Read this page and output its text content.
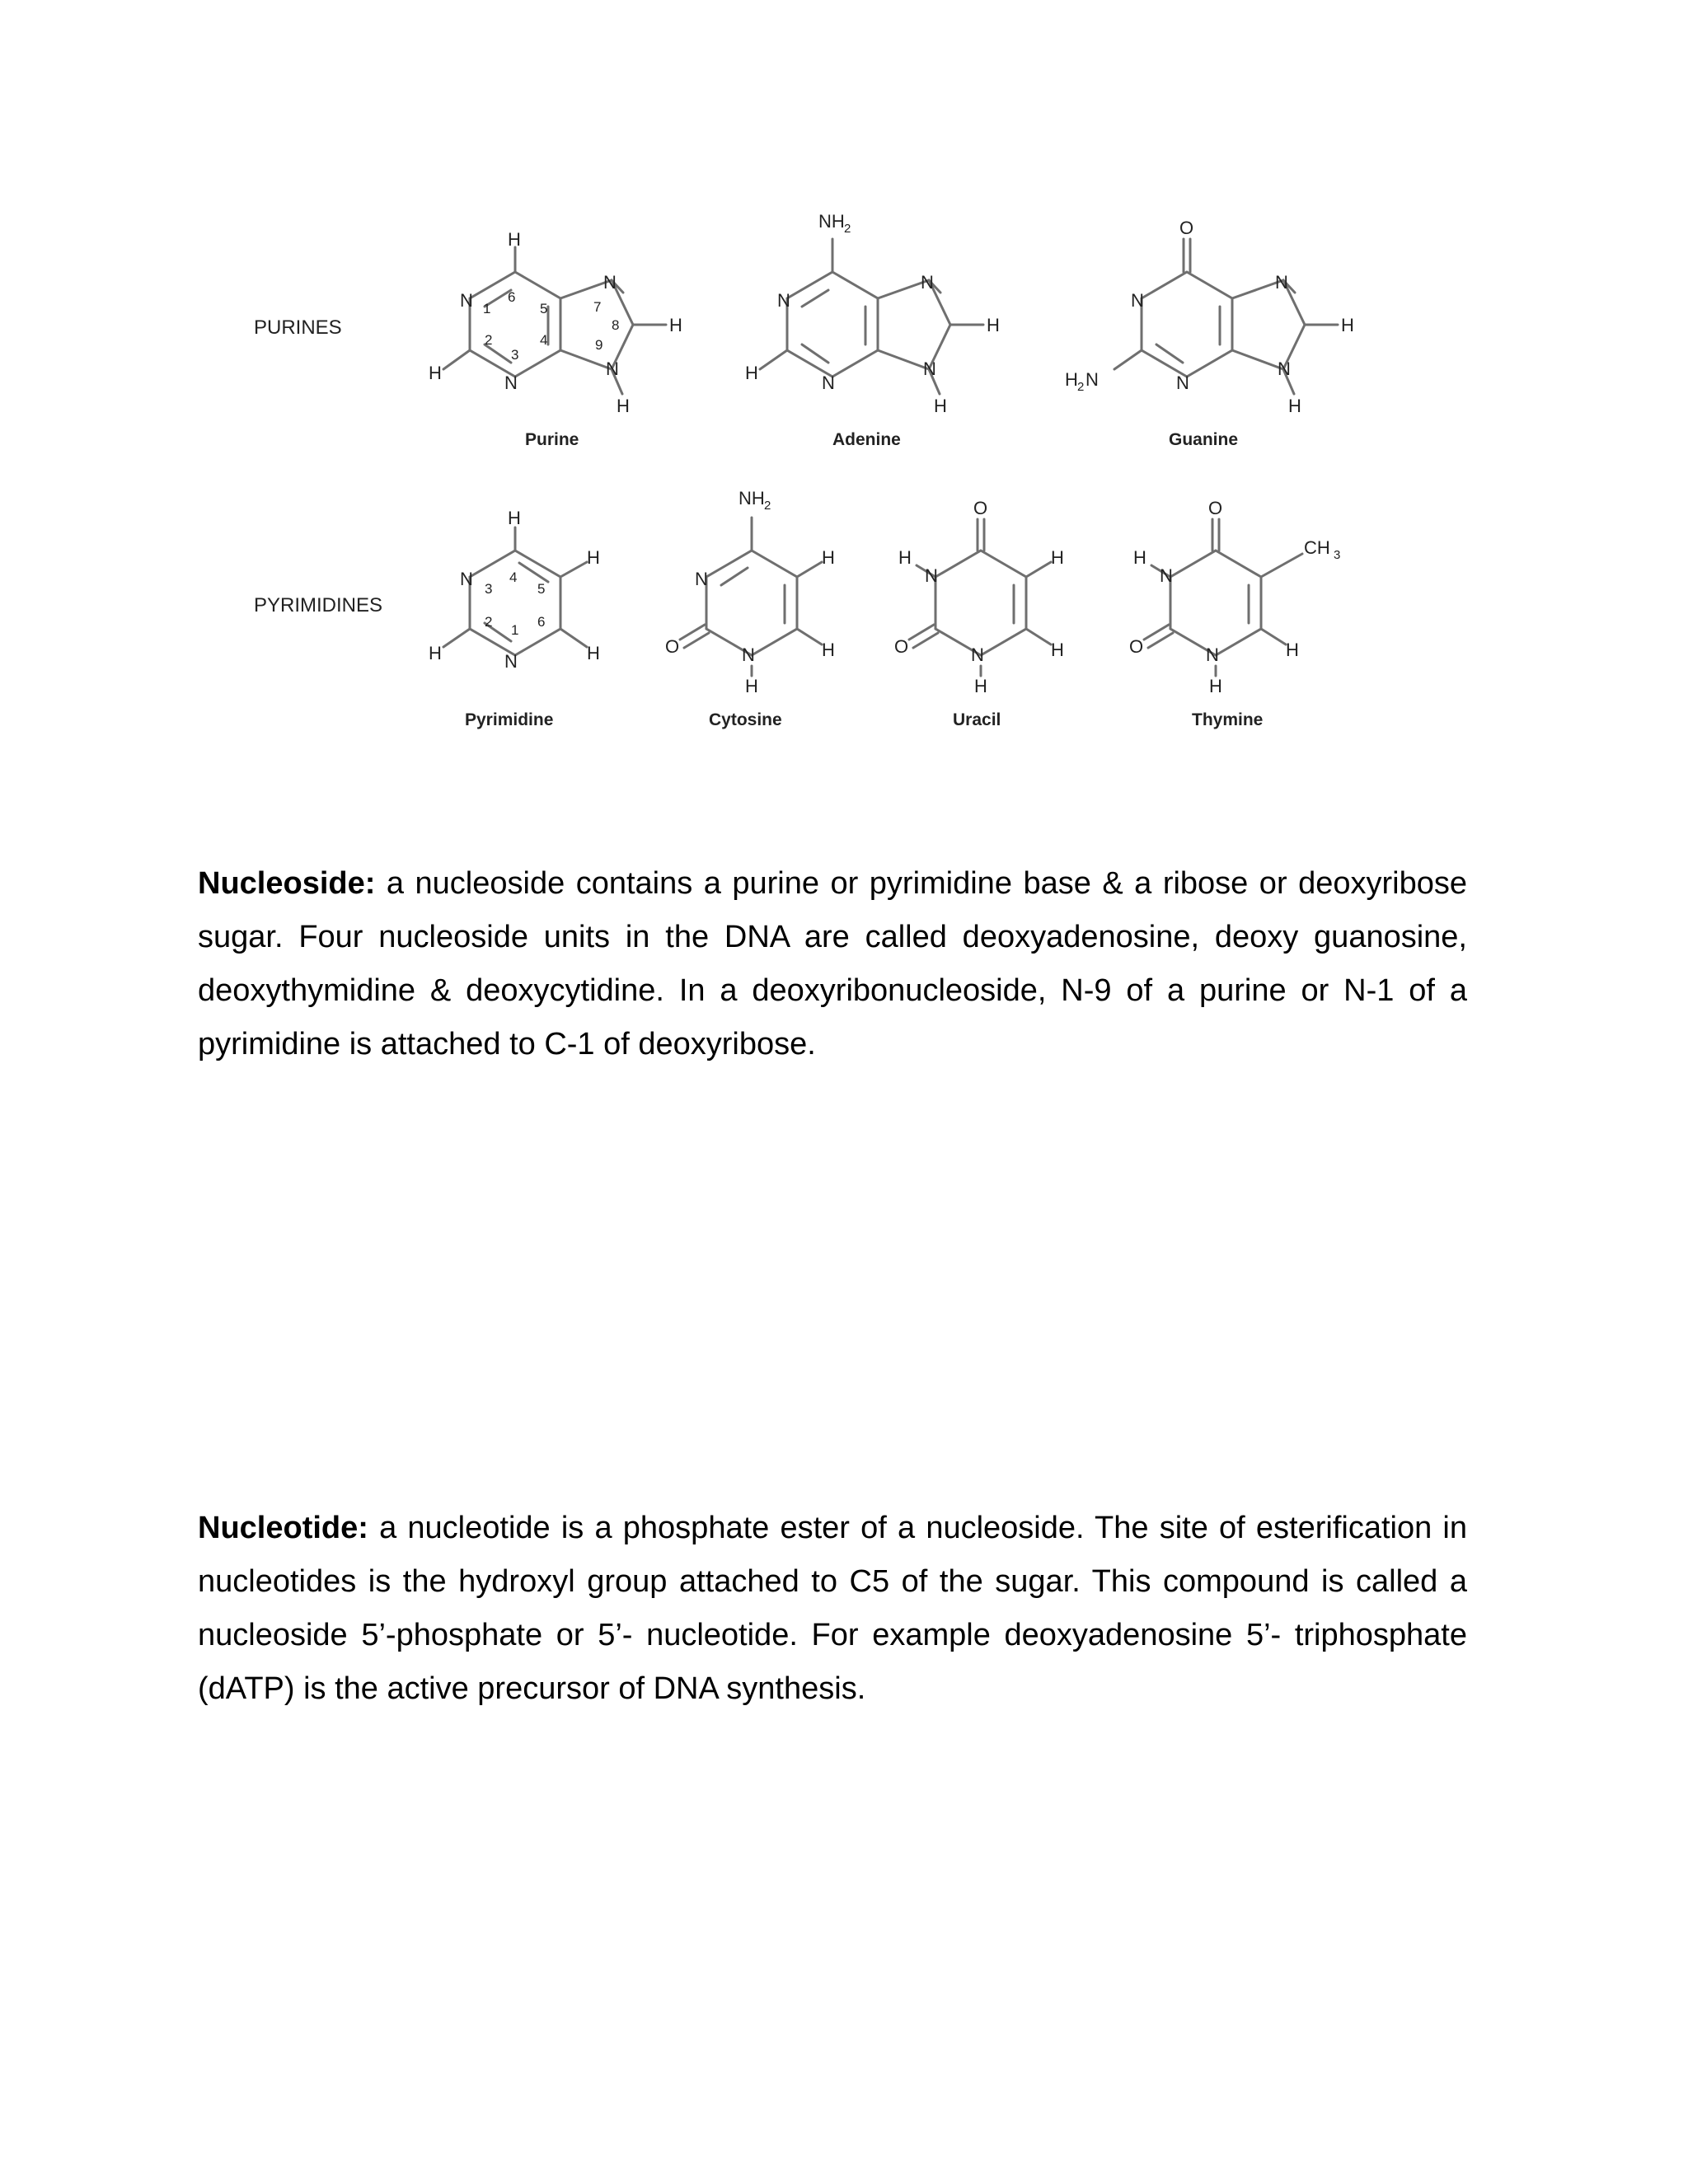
PURINES
PYRIMIDINES
H
N
N
N
N
H
H
H
1
2
3
4
5
6
7
8
9
Purine
NH 2
N
N
N
N
H
H
H
Adenine
O
N
N
N
N
H 2 N
H
H
Guanine
H
N
N
H
H
H
1
2
3
4
5
6
Pyrimidine
NH 2
N
N
O
H
H
H
Cytosine
O
H
N
N
O
H
H
H
Uracil
O
H
N
N
O
CH 3
H
H
Thymine

Nucleoside: a nucleoside contains a purine or pyrimidine base & a ribose or deoxyribose sugar. Four nucleoside units in the DNA are called deoxyadenosine, deoxy guanosine, deoxythymidine & deoxycytidine. In a deoxyribonucleoside, N-9 of a purine or N-1 of a pyrimidine is attached to C-1 of deoxyribose.

Nucleotide: a nucleotide is a phosphate ester of a nucleoside. The site of esterification in nucleotides is the hydroxyl group attached to C5 of the sugar. This compound is called a nucleoside 5’-phosphate or 5’- nucleotide. For example deoxyadenosine 5’- triphosphate (dATP) is the active precursor of DNA synthesis.
